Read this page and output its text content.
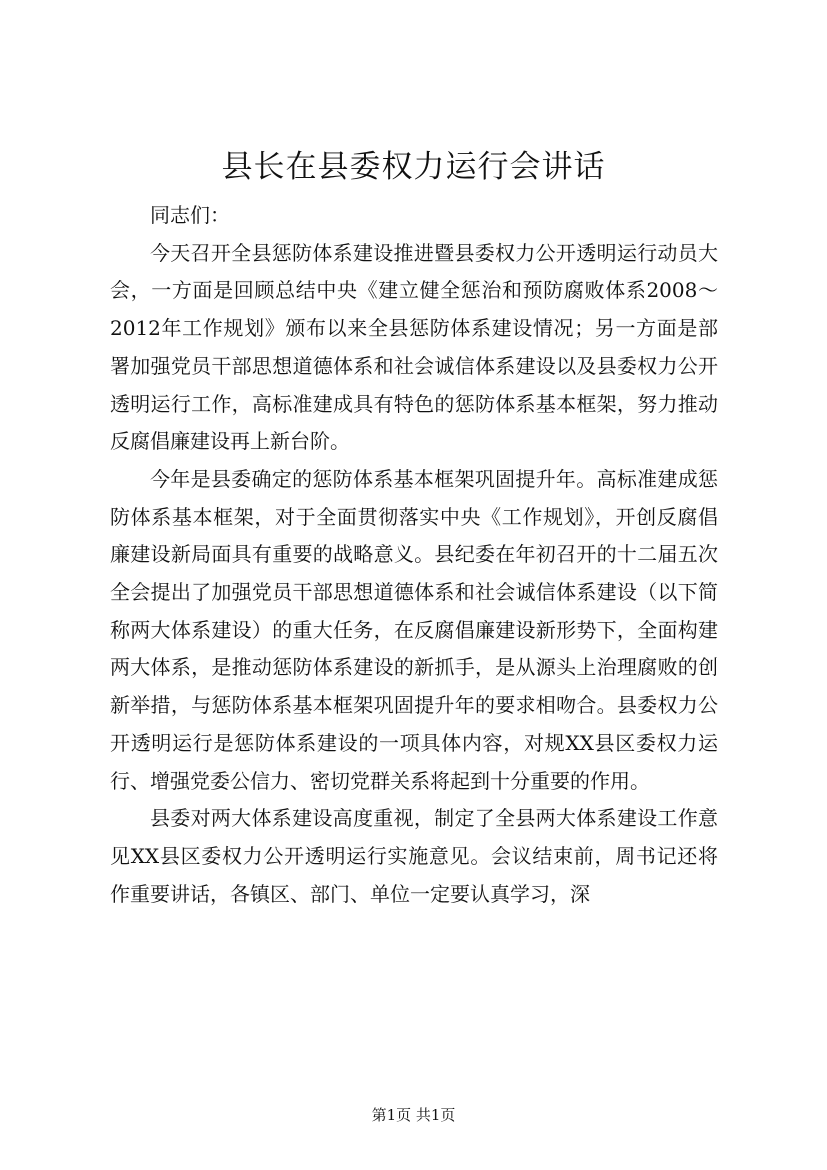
县长在县委权力运行会讲话

同志们：

今天召开全县惩防体系建设推进暨县委权力公开透明运行动员大会，一方面是回顾总结中央《建立健全惩治和预防腐败体系2008～2012年工作规划》颁布以来全县惩防体系建设情况；另一方面是部署加强党员干部思想道德体系和社会诚信体系建设以及县委权力公开透明运行工作，高标准建成具有特色的惩防体系基本框架，努力推动反腐倡廉建设再上新台阶。

今年是县委确定的惩防体系基本框架巩固提升年。高标准建成惩防体系基本框架，对于全面贯彻落实中央《工作规划》，开创反腐倡廉建设新局面具有重要的战略意义。县纪委在年初召开的十二届五次全会提出了加强党员干部思想道德体系和社会诚信体系建设（以下简称两大体系建设）的重大任务，在反腐倡廉建设新形势下，全面构建两大体系，是推动惩防体系建设的新抓手，是从源头上治理腐败的创新举措，与惩防体系基本框架巩固提升年的要求相吻合。县委权力公开透明运行是惩防体系建设的一项具体内容，对规XX县区委权力运行、增强党委公信力、密切党群关系将起到十分重要的作用。

县委对两大体系建设高度重视，制定了全县两大体系建设工作意见XX县区委权力公开透明运行实施意见。会议结束前，周书记还将作重要讲话，各镇区、部门、单位一定要认真学习，深

第1页 共1页
